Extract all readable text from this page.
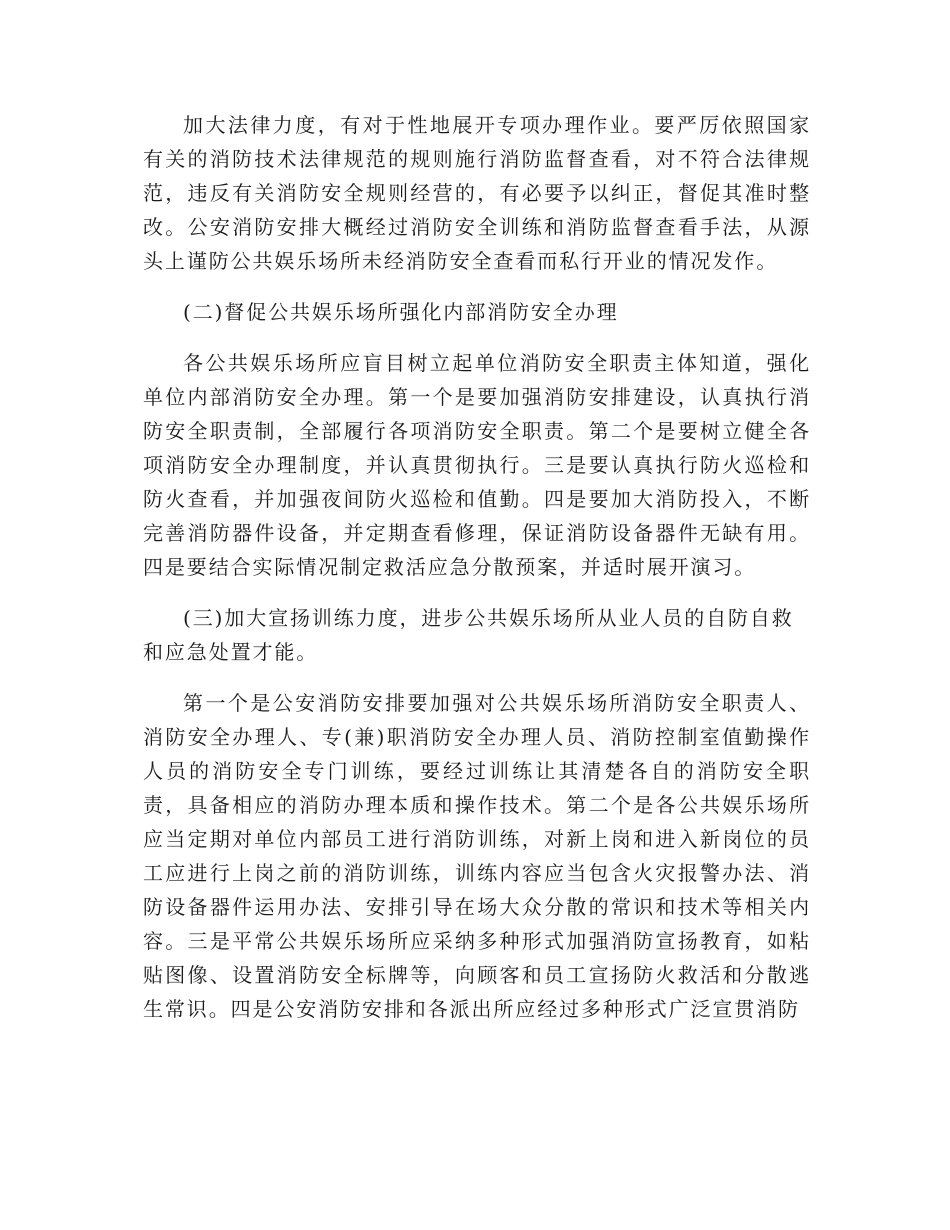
加大法律力度，有对于性地展开专项办理作业。要严厉依照国家有关的消防技术法律规范的规则施行消防监督查看，对不符合法律规范，违反有关消防安全规则经营的，有必要予以纠正，督促其准时整改。公安消防安排大概经过消防安全训练和消防监督查看手法，从源头上谨防公共娱乐场所未经消防安全查看而私行开业的情况发作。

(二)督促公共娱乐场所强化内部消防安全办理

各公共娱乐场所应盲目树立起单位消防安全职责主体知道，强化单位内部消防安全办理。第一个是要加强消防安排建设，认真执行消防安全职责制，全部履行各项消防安全职责。第二个是要树立健全各项消防安全办理制度，并认真贯彻执行。三是要认真执行防火巡检和防火查看，并加强夜间防火巡检和值勤。四是要加大消防投入，不断完善消防器件设备，并定期查看修理，保证消防设备器件无缺有用。四是要结合实际情况制定救活应急分散预案，并适时展开演习。

(三)加大宣扬训练力度，进步公共娱乐场所从业人员的自防自救和应急处置才能。

第一个是公安消防安排要加强对公共娱乐场所消防安全职责人、消防安全办理人、专(兼)职消防安全办理人员、消防控制室值勤操作人员的消防安全专门训练，要经过训练让其清楚各自的消防安全职责，具备相应的消防办理本质和操作技术。第二个是各公共娱乐场所应当定期对单位内部员工进行消防训练，对新上岗和进入新岗位的员工应进行上岗之前的消防训练，训练内容应当包含火灾报警办法、消防设备器件运用办法、安排引导在场大众分散的常识和技术等相关内容。三是平常公共娱乐场所应采纳多种形式加强消防宣扬教育，如粘贴图像、设置消防安全标牌等，向顾客和员工宣扬防火救活和分散逃生常识。四是公安消防安排和各派出所应经过多种形式广泛宣贯消防
